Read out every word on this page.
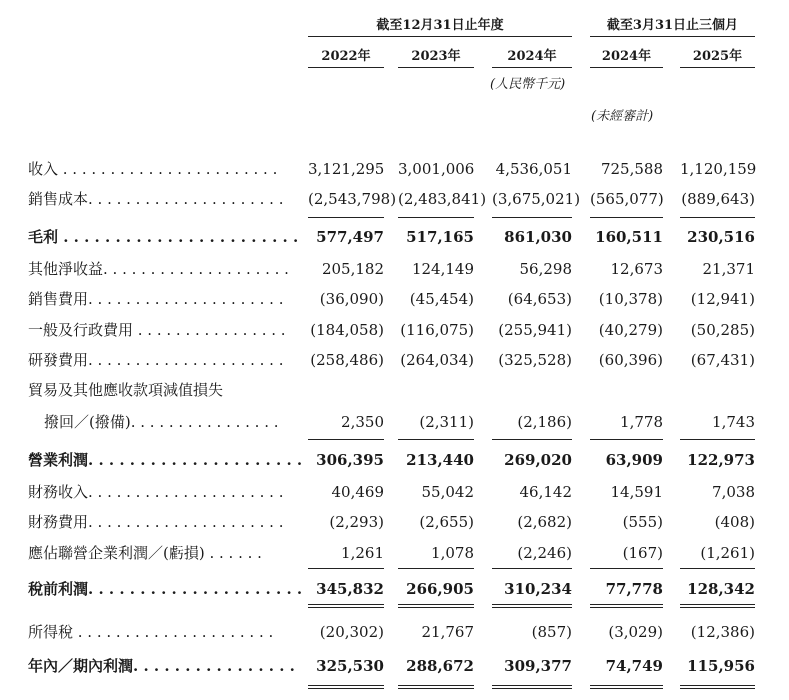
截至12月31日止年度	截至3月31日止三個月
2022年	2023年	2024年	2024年	2025年
(人民幣千元)
(未經審計)
收入 . . . . . . . . . . . . . . . . . . . . . . . 3,121,295 3,001,006 4,536,051	725,588 1,120,159
銷售成本. . . . . . . . . . . . . . . . . . . . . (2,543,798) (2,483,841) (3,675,021) (565,077) (889,643)
毛利 . . . . . . . . . . . . . . . . . . . . . . .	577,497	517,165	861,030	160,511	230,516
其他淨收益. . . . . . . . . . . . . . . . . . . .	205,182	124,149	56,298	12,673	21,371
銷售費用. . . . . . . . . . . . . . . . . . . . .	(36,090)	(45,454)	(64,653)	(10,378)	(12,941)
一般及行政費用 . . . . . . . . . . . . . . . . (184,058) (116,075)	(255,941)	(40,279)	(50,285)
研發費用. . . . . . . . . . . . . . . . . . . . . (258,486) (264,034)	(325,528)	(60,396)	(67,431)
貿易及其他應收款項減值損失
撥回／(撥備). . . . . . . . . . . . . . . .	2,350	(2,311)	(2,186)	1,778	1,743
營業利潤. . . . . . . . . . . . . . . . . . . . . 306,395	213,440	269,020	63,909	122,973
財務收入. . . . . . . . . . . . . . . . . . . . .	40,469	55,042	46,142	14,591	7,038
財務費用. . . . . . . . . . . . . . . . . . . . .	(2,293)	(2,655)	(2,682)	(555)	(408)
應佔聯營企業利潤／(虧損) . . . . . .	1,261	1,078	(2,246)	(167)	(1,261)
稅前利潤. . . . . . . . . . . . . . . . . . . . . 345,832	266,905	310,234	77,778	128,342
所得稅 . . . . . . . . . . . . . . . . . . . . .	(20,302)	21,767	(857)	(3,029)	(12,386)
年內／期內利潤. . . . . . . . . . . . . . . .	325,530	288,672	309,377	74,749	115,956
